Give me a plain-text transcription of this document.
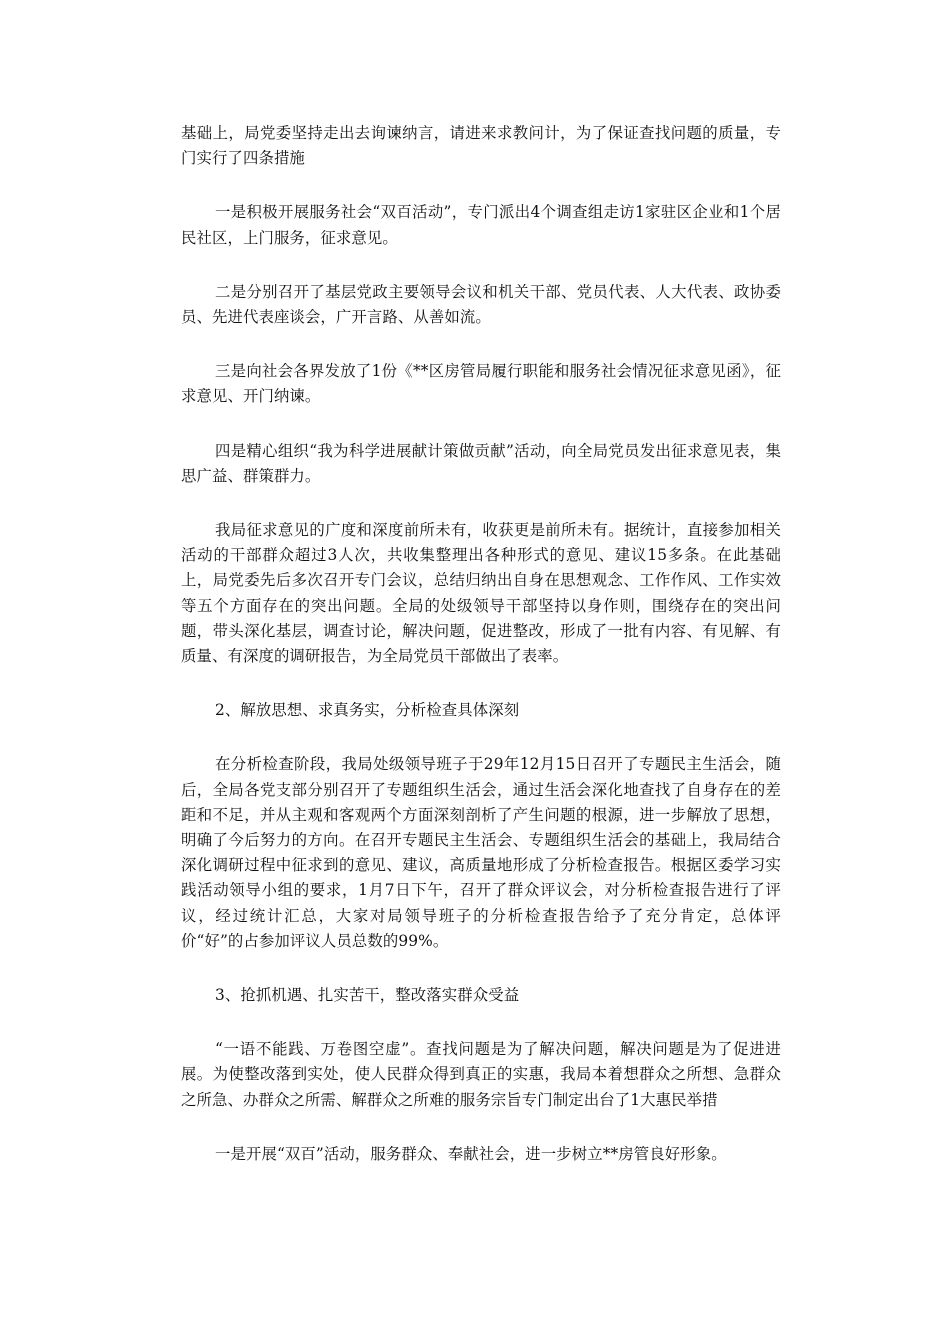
基础上，局党委坚持走出去询谏纳言，请进来求教问计，为了保证查找问题的质量，专门实行了四条措施

一是积极开展服务社会“双百活动”，专门派出4个调查组走访1家驻区企业和1个居民社区，上门服务，征求意见。

二是分别召开了基层党政主要领导会议和机关干部、党员代表、人大代表、政协委员、先进代表座谈会，广开言路、从善如流。

三是向社会各界发放了1份《**区房管局履行职能和服务社会情况征求意见函》，征求意见、开门纳谏。

四是精心组织“我为科学进展献计策做贡献”活动，向全局党员发出征求意见表，集思广益、群策群力。

我局征求意见的广度和深度前所未有，收获更是前所未有。据统计，直接参加相关活动的干部群众超过3人次，共收集整理出各种形式的意见、建议15多条。在此基础上，局党委先后多次召开专门会议，总结归纳出自身在思想观念、工作作风、工作实效等五个方面存在的突出问题。全局的处级领导干部坚持以身作则，围绕存在的突出问题，带头深化基层，调查讨论，解决问题，促进整改，形成了一批有内容、有见解、有质量、有深度的调研报告，为全局党员干部做出了表率。

2、解放思想、求真务实，分析检查具体深刻

在分析检查阶段，我局处级领导班子于29年12月15日召开了专题民主生活会，随后，全局各党支部分别召开了专题组织生活会，通过生活会深化地查找了自身存在的差距和不足，并从主观和客观两个方面深刻剖析了产生问题的根源，进一步解放了思想，明确了今后努力的方向。在召开专题民主生活会、专题组织生活会的基础上，我局结合深化调研过程中征求到的意见、建议，高质量地形成了分析检查报告。根据区委学习实践活动领导小组的要求，1月7日下午，召开了群众评议会，对分析检查报告进行了评议，经过统计汇总，大家对局领导班子的分析检查报告给予了充分肯定，总体评价“好”的占参加评议人员总数的99%。

3、抢抓机遇、扎实苦干，整改落实群众受益

“一语不能践、万卷图空虚”。查找问题是为了解决问题，解决问题是为了促进进展。为使整改落到实处，使人民群众得到真正的实惠，我局本着想群众之所想、急群众之所急、办群众之所需、解群众之所难的服务宗旨专门制定出台了1大惠民举措

一是开展“双百”活动，服务群众、奉献社会，进一步树立**房管良好形象。
